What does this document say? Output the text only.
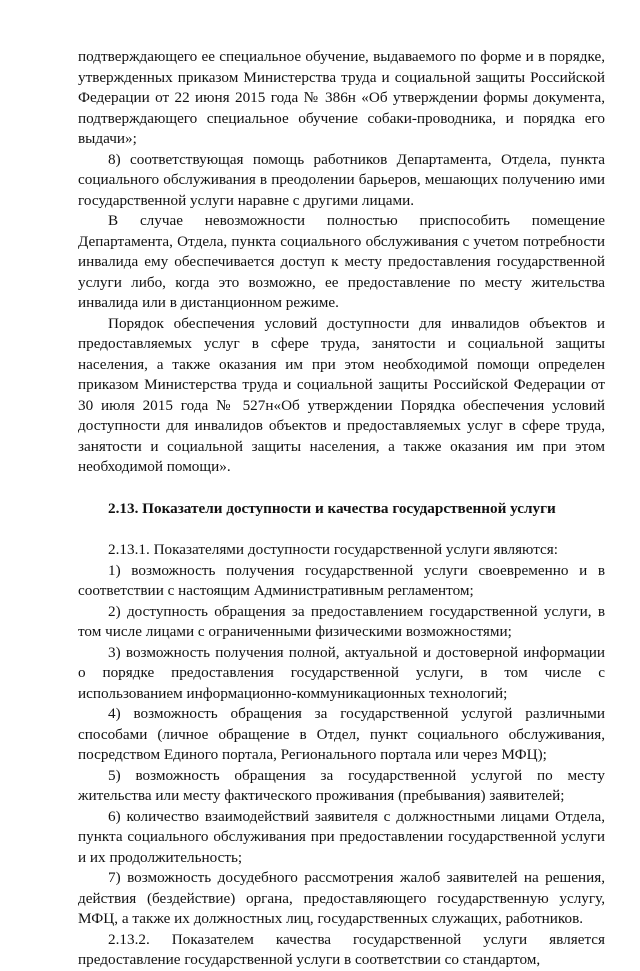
подтверждающего ее специальное обучение, выдаваемого по форме и в порядке, утвержденных приказом Министерства труда и социальной защиты Российской Федерации от 22 июня 2015 года № 386н «Об утверждении формы документа, подтверждающего специальное обучение собаки-проводника, и порядка его выдачи»;

8) соответствующая помощь работников Департамента, Отдела, пункта социального обслуживания в преодолении барьеров, мешающих получению ими государственной услуги наравне с другими лицами.

В случае невозможности полностью приспособить помещение Департамента, Отдела, пункта социального обслуживания с учетом потребности инвалида ему обеспечивается доступ к месту предоставления государственной услуги либо, когда это возможно, ее предоставление по месту жительства инвалида или в дистанционном режиме.

Порядок обеспечения условий доступности для инвалидов объектов и предоставляемых услуг в сфере труда, занятости и социальной защиты населения, а также оказания им при этом необходимой помощи определен приказом Министерства труда и социальной защиты Российской Федерации от 30 июля 2015 года № 527н«Об утверждении Порядка обеспечения условий доступности для инвалидов объектов и предоставляемых услуг в сфере труда, занятости и социальной защиты населения, а также оказания им при этом необходимой помощи».

2.13. Показатели доступности и качества государственной услуги

2.13.1. Показателями доступности государственной услуги являются:

1) возможность получения государственной услуги своевременно и в соответствии с настоящим Административным регламентом;

2) доступность обращения за предоставлением государственной услуги, в том числе лицами с ограниченными физическими возможностями;

3) возможность получения полной, актуальной и достоверной информации о порядке предоставления государственной услуги, в том числе с использованием информационно-коммуникационных технологий;

4) возможность обращения за государственной услугой различными способами (личное обращение в Отдел, пункт социального обслуживания, посредством Единого портала, Регионального портала или через МФЦ);

5) возможность обращения за государственной услугой по месту жительства или месту фактического проживания (пребывания) заявителей;

6) количество взаимодействий заявителя с должностными лицами Отдела, пункта социального обслуживания при предоставлении государственной услуги и их продолжительность;

7) возможность досудебного рассмотрения жалоб заявителей на решения, действия (бездействие) органа, предоставляющего государственную услугу, МФЦ, а также их должностных лиц, государственных служащих, работников.

2.13.2. Показателем качества государственной услуги является предоставление государственной услуги в соответствии со стандартом,
